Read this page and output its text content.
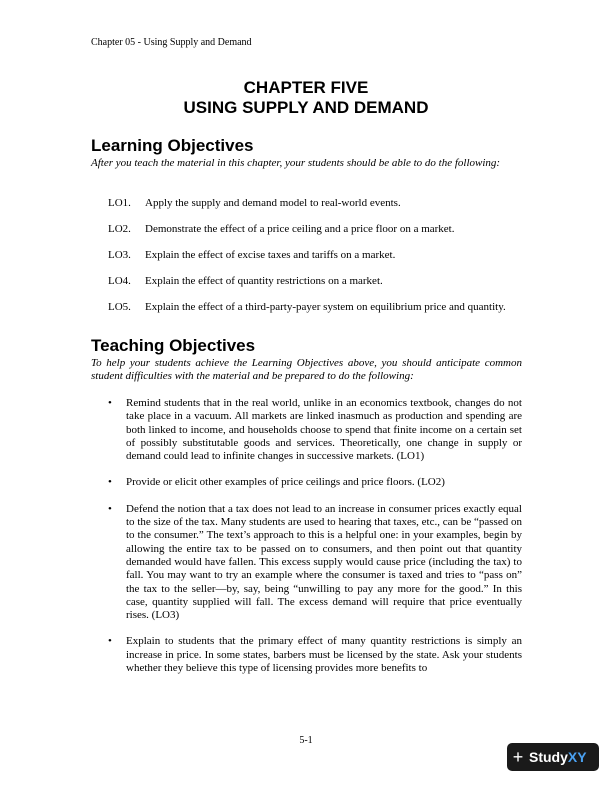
Chapter 05 - Using Supply and Demand
CHAPTER FIVE
USING SUPPLY AND DEMAND
Learning Objectives

After you teach the material in this chapter, your students should be able to do the following:

LO1.	Apply the supply and demand model to real-world events.
LO2.	Demonstrate the effect of a price ceiling and a price floor on a market.
LO3.	Explain the effect of excise taxes and tariffs on a market.
LO4.	Explain the effect of quantity restrictions on a market.
LO5.	Explain the effect of a third-party-payer system on equilibrium price and quantity.
Teaching Objectives

To help your students achieve the Learning Objectives above, you should anticipate common student difficulties with the material and be prepared to do the following:

•	Remind students that in the real world, unlike in an economics textbook, changes do not take place in a vacuum. All markets are linked inasmuch as production and spending are both linked to income, and households choose to spend that finite income on a certain set of possibly substitutable goods and services. Theoretically, one change in supply or demand could lead to infinite changes in successive markets. (LO1)
•	Provide or elicit other examples of price ceilings and price floors. (LO2)
•	Defend the notion that a tax does not lead to an increase in consumer prices exactly equal to the size of the tax. Many students are used to hearing that taxes, etc., can be “passed on to the consumer.” The text’s approach to this is a helpful one: in your examples, begin by allowing the entire tax to be passed on to consumers, and then point out that quantity demanded would have fallen. This excess supply would cause price (including the tax) to fall. You may want to try an example where the consumer is taxed and tries to “pass on” the tax to the seller—by, say, being “unwilling to pay any more for the good.” In this case, quantity supplied will fall. The excess demand will require that price eventually rises. (LO3)
•	Explain to students that the primary effect of many quantity restrictions is simply an increase in price. In some states, barbers must be licensed by the state. Ask your students whether they believe this type of licensing provides more benefits to
5-1
+ StudyXY
